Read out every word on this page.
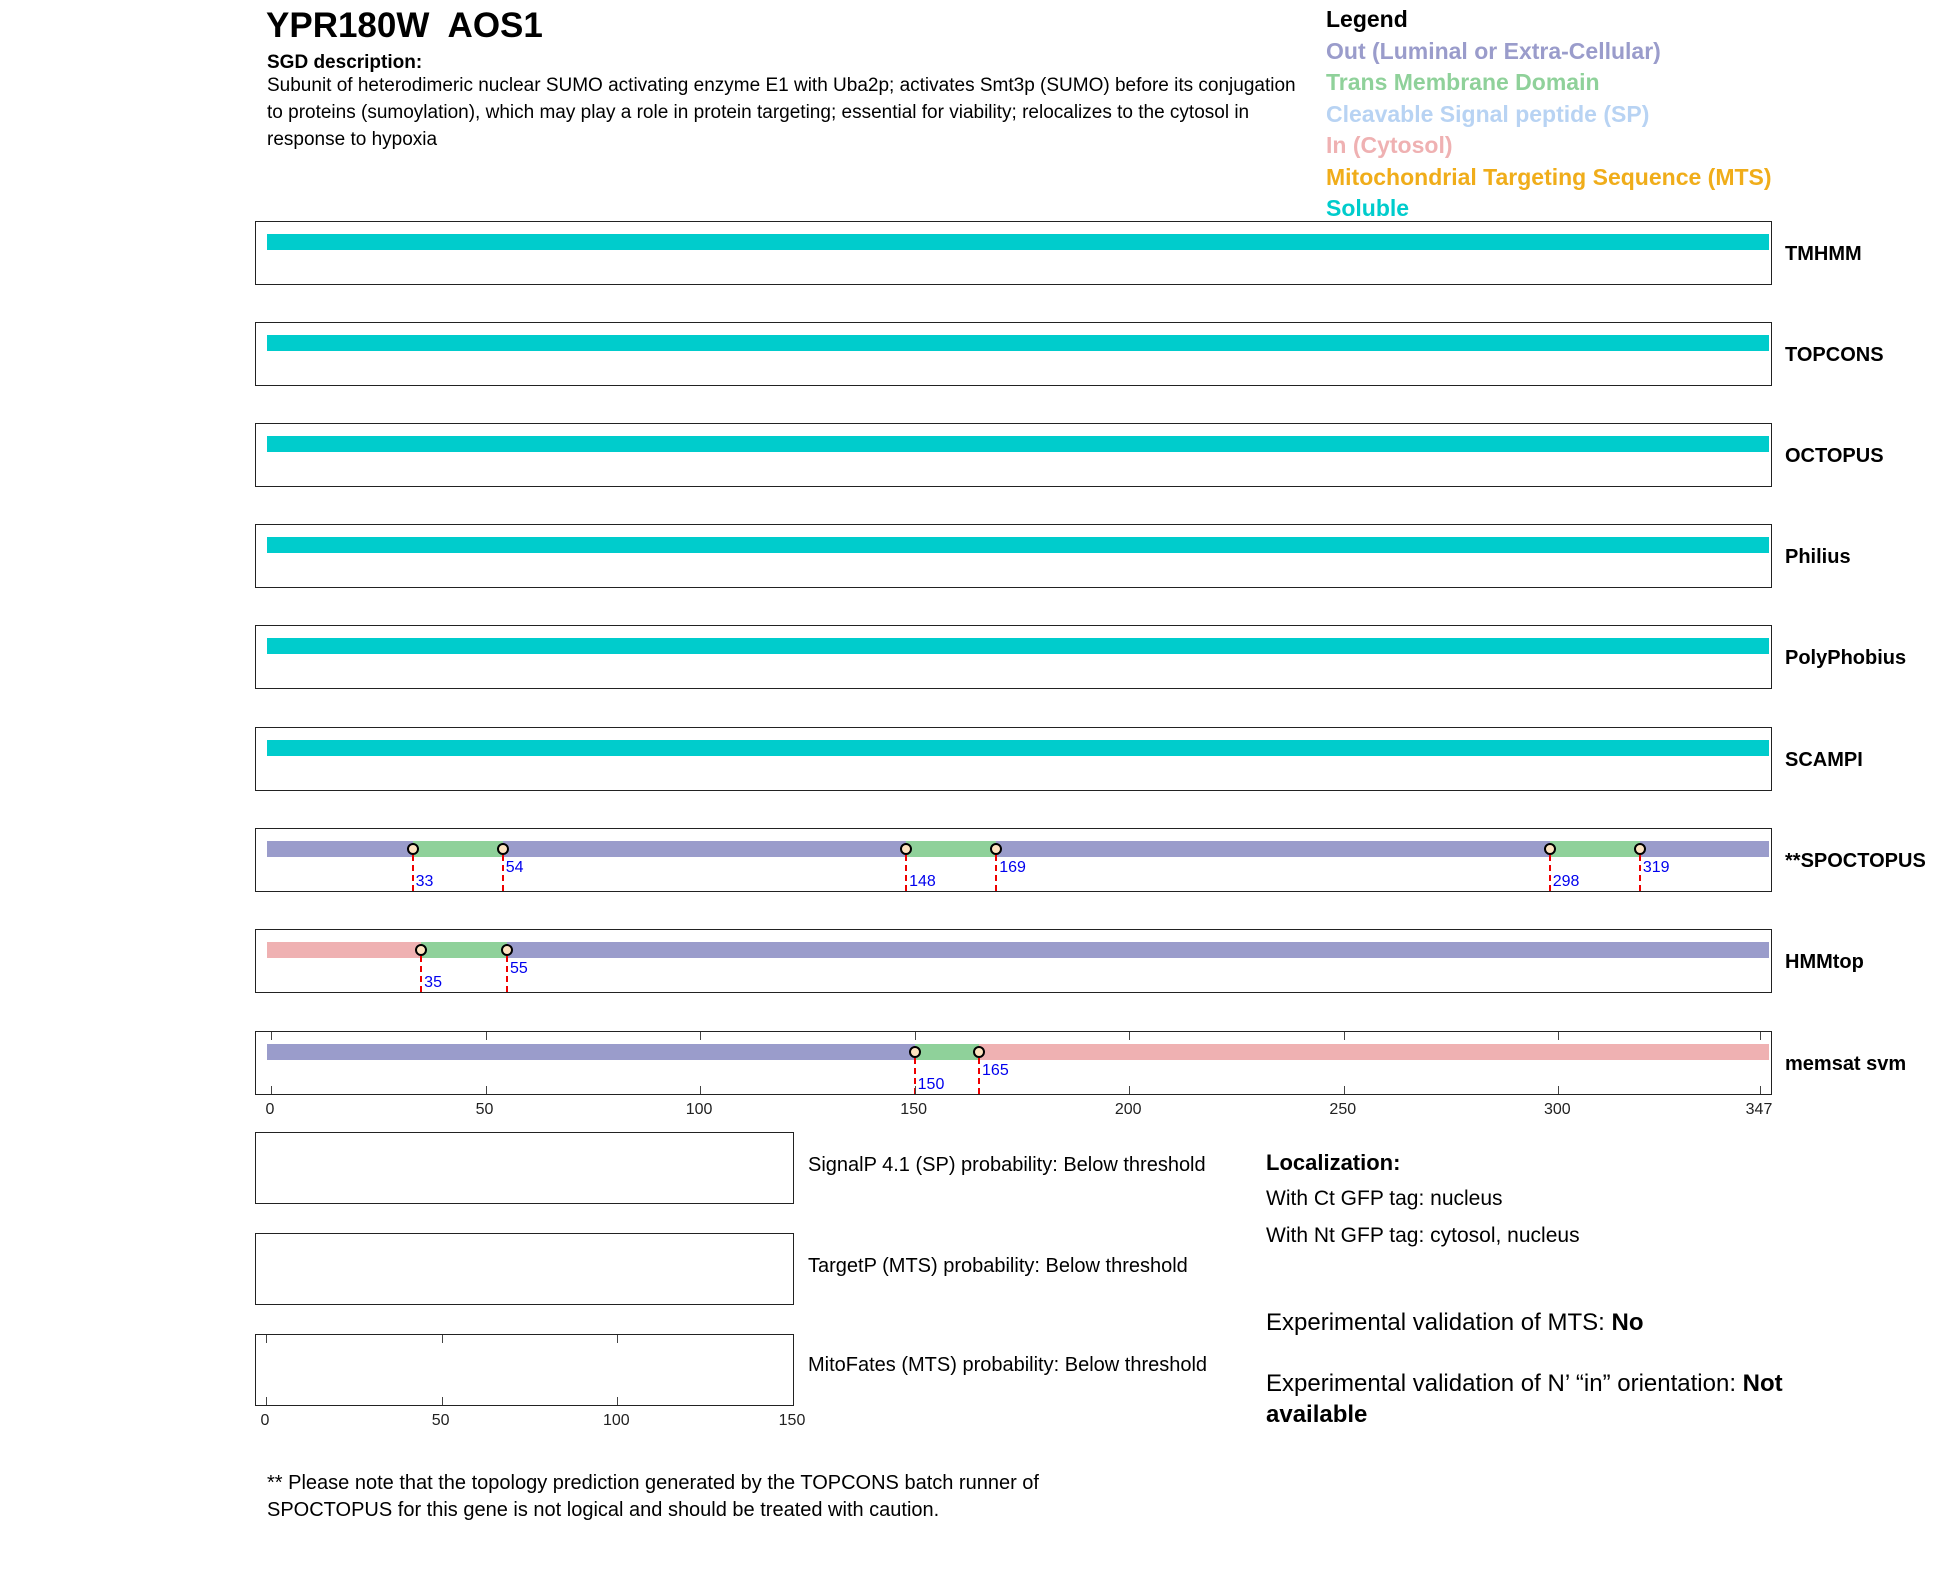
YPR180W  AOS1
SGD description:
Subunit of heterodimeric nuclear SUMO activating enzyme E1 with Uba2p; activates Smt3p (SUMO) before its conjugation to proteins (sumoylation), which may play a role in protein targeting; essential for viability; relocalizes to the cytosol in response to hypoxia
Legend
Out (Luminal or Extra-Cellular)
Trans Membrane Domain
Cleavable Signal peptide (SP)
In (Cytosol)
Mitochondrial Targeting Sequence (MTS)
Soluble
TMHMM
TOPCONS
OCTOPUS
Philius
PolyPhobius
SCAMPI
33
54
148
169
298
319	**SPOCTOPUS
35
55	HMMtop
150
165	memsat svm
0	50	100	150	200	250	300	347
SignalP 4.1 (SP) probability: Below threshold
TargetP (MTS) probability: Below threshold
MitoFates (MTS) probability: Below threshold
0	50	100	150
Localization:
With Ct GFP tag: nucleus
With Nt GFP tag: cytosol, nucleus
Experimental validation of MTS: No
Experimental validation of N’ “in” orientation: Not available
** Please note that the topology prediction generated by the TOPCONS batch runner of SPOCTOPUS for this gene is not logical and should be treated with caution.
